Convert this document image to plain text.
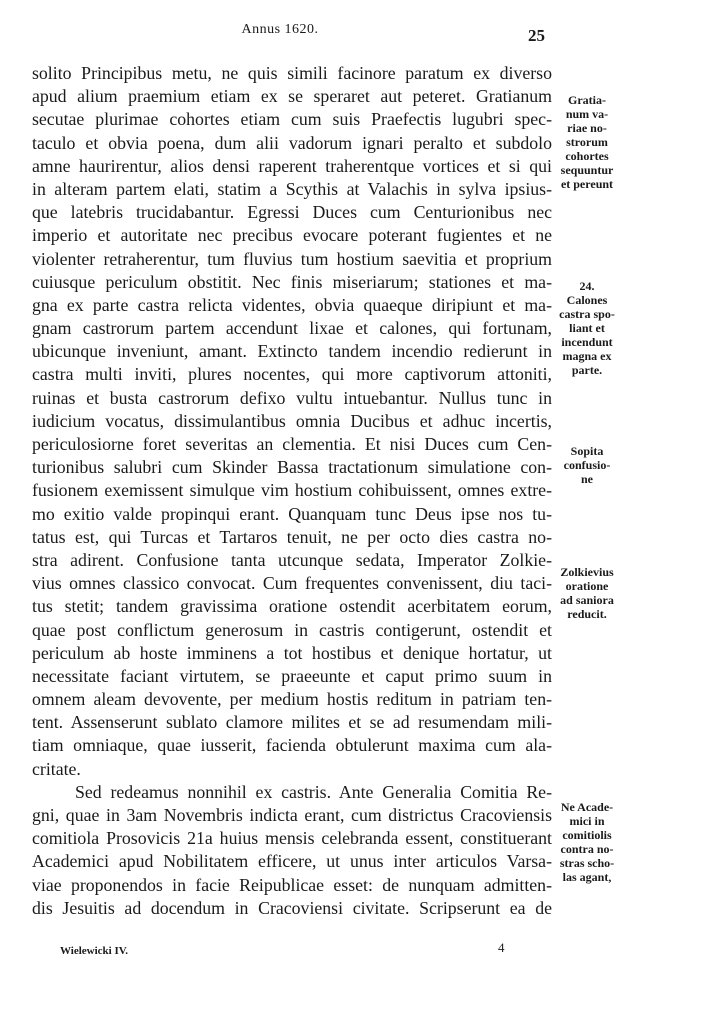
Annus 1620.	25
solito Principibus metu, ne quis simili facinore paratum ex diverso
apud alium praemium etiam ex se speraret aut peteret. Gratianum
secutae plurimae cohortes etiam cum suis Praefectis lugubri spec-
taculo et obvia poena, dum alii vadorum ignari peralto et subdolo
amne haurirentur, alios densi raperent traherentque vortices et si qui
in alteram partem elati, statim a Scythis at Valachis in sylva ipsius-
que latebris trucidabantur. Egressi Duces cum Centurionibus nec
imperio et autoritate nec precibus evocare poterant fugientes et ne
violenter retraherentur, tum fluvius tum hostium saevitia et proprium
cuiusque periculum obstitit. Nec finis miseriarum; stationes et ma-
gna ex parte castra relicta videntes, obvia quaeque diripiunt et ma-
gnam castrorum partem accendunt lixae et calones, qui fortunam,
ubicunque inveniunt, amant. Extincto tandem incendio redierunt in
castra multi inviti, plures nocentes, qui more captivorum attoniti,
ruinas et busta castrorum defixo vultu intuebantur. Nullus tunc in
iudicium vocatus, dissimulantibus omnia Ducibus et adhuc incertis,
periculosiorne foret severitas an clementia. Et nisi Duces cum Cen-
turionibus salubri cum Skinder Bassa tractationum simulatione con-
fusionem exemissent simulque vim hostium cohibuissent, omnes extre-
mo exitio valde propinqui erant. Quanquam tunc Deus ipse nos tu-
tatus est, qui Turcas et Tartaros tenuit, ne per octo dies castra no-
stra adirent. Confusione tanta utcunque sedata, Imperator Zolkie-
vius omnes classico convocat. Cum frequentes convenissent, diu taci-
tus stetit; tandem gravissima oratione ostendit acerbitatem eorum,
quae post conflictum generosum in castris contigerunt, ostendit et
periculum ab hoste imminens a tot hostibus et denique hortatur, ut
necessitate faciant virtutem, se praeeunte et caput primo suum in
omnem aleam devovente, per medium hostis reditum in patriam ten-
tent. Assenserunt sublato clamore milites et se ad resumendam mili-
tiam omniaque, quae iusserit, facienda obtulerunt maxima cum ala-
critate.
Sed redeamus nonnihil ex castris. Ante Generalia Comitia Re-
gni, quae in 3am Novembris indicta erant, cum districtus Cracoviensis
comitiola Prosovicis 21a huius mensis celebranda essent, constituerant
Academici apud Nobilitatem efficere, ut unus inter articulos Varsa-
viae proponendos in facie Reipublicae esset: de nunquam admitten-
dis Jesuitis ad docendum in Cracoviensi civitate. Scripserunt ea de
Gratia-
num va-
riae no-
strorum
cohortes
sequuntur
et pereunt
24.
Calones
castra spo-
liant et
incendunt
magna ex
parte.
Sopita
confusio-
ne
Zolkievius
oratione
ad saniora
reducit.
Ne Acade-
mici in
comitiolis
contra no-
stras scho-
las agant,
Wielewicki IV.	4
